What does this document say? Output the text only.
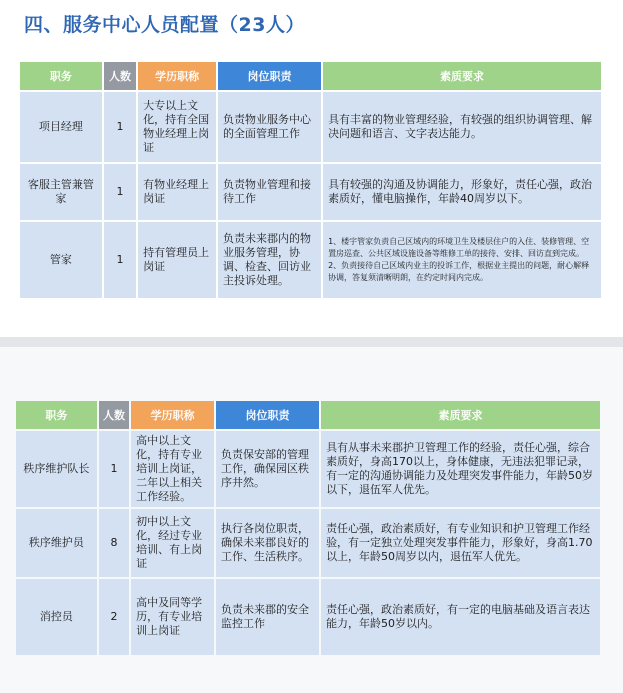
四、服务中心人员配置（23人）
职务	人数	学历职称	岗位职责	素质要求
项目经理	1	大专以上文化，持有全国物业经理上岗证	负责物业服务中心的全面管理工作	具有丰富的物业管理经验，有较强的组织协调管理、解决问题和语言、文字表达能力。
客服主管兼管家	1	有物业经理上岗证	负责物业管理和接待工作	具有较强的沟通及协调能力，形象好，责任心强，政治素质好，懂电脑操作，年龄40周岁以下。
管家	1	持有管理员上岗证	负责未来郡内的物业服务管理，协调、检查、回访业主投诉处理。	1、楼宇管家负责自己区域内的环境卫生及楼层住户的入住、装修管理、空置房巡查、公共区域设施设备等维修工单的接待、安排、回访直到完成。
2、负责接待自己区域内业主的投诉工作，根据业主提出的问题，耐心解释协调，答复须清晰明朗，在约定时间内完成。
职务	人数	学历职称	岗位职责	素质要求
秩序维护队长	1	高中以上文化，持有专业培训上岗证，二年以上相关工作经验。	负责保安部的管理工作，确保园区秩序井然。	具有从事未来郡护卫管理工作的经验，责任心强，综合素质好，身高170以上，身体健康，无违法犯罪记录，有一定的沟通协调能力及处理突发事件能力，年龄50岁以下，退伍军人优先。
秩序维护员	8	初中以上文化，经过专业培训、有上岗证	执行各岗位职责，确保未来郡良好的工作、生活秩序。	责任心强，政治素质好，有专业知识和护卫管理工作经验，有一定独立处理突发事件能力，形象好，身高1.70以上，年龄50周岁以内，退伍军人优先。
消控员	2	高中及同等学历，有专业培训上岗证	负责未来郡的安全监控工作	责任心强，政治素质好，有一定的电脑基础及语言表达能力，年龄50岁以内。
